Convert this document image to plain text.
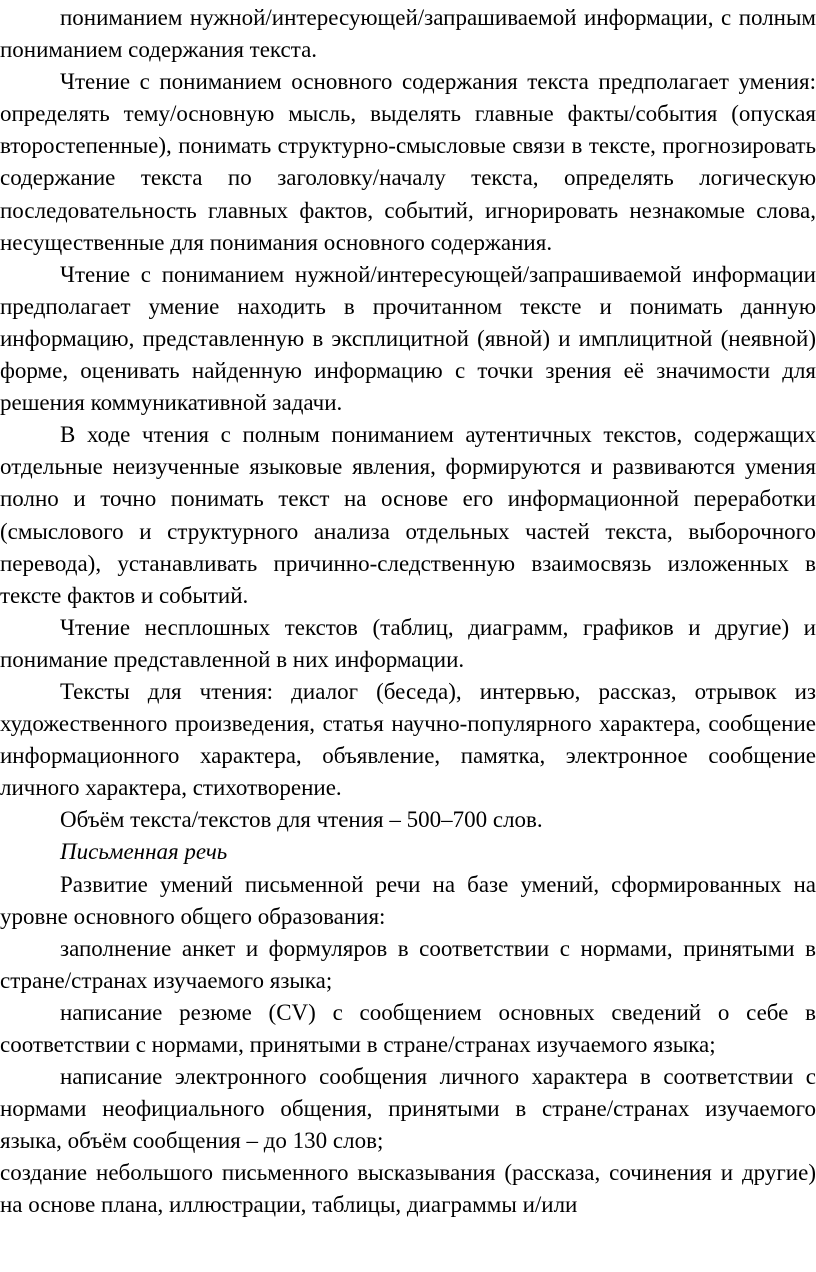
пониманием нужной/интересующей/запрашиваемой информации, с полным пониманием содержания текста.

Чтение с пониманием основного содержания текста предполагает умения: определять тему/основную мысль, выделять главные факты/события (опуская второстепенные), понимать структурно-смысловые связи в тексте, прогнозировать содержание текста по заголовку/началу текста, определять логическую последовательность главных фактов, событий, игнорировать незнакомые слова, несущественные для понимания основного содержания.

Чтение с пониманием нужной/интересующей/запрашиваемой информации предполагает умение находить в прочитанном тексте и понимать данную информацию, представленную в эксплицитной (явной) и имплицитной (неявной) форме, оценивать найденную информацию с точки зрения её значимости для решения коммуникативной задачи.

В ходе чтения с полным пониманием аутентичных текстов, содержащих отдельные неизученные языковые явления, формируются и развиваются умения полно и точно понимать текст на основе его информационной переработки (смыслового и структурного анализа отдельных частей текста, выборочного перевода), устанавливать причинно-следственную взаимосвязь изложенных в тексте фактов и событий.

Чтение несплошных текстов (таблиц, диаграмм, графиков и другие) и понимание представленной в них информации.

Тексты для чтения: диалог (беседа), интервью, рассказ, отрывок из художественного произведения, статья научно-популярного характера, сообщение информационного характера, объявление, памятка, электронное сообщение личного характера, стихотворение.

Объём текста/текстов для чтения – 500–700 слов.

Письменная речь

Развитие умений письменной речи на базе умений, сформированных на уровне основного общего образования:

заполнение анкет и формуляров в соответствии с нормами, принятыми в стране/странах изучаемого языка;

написание резюме (CV) с сообщением основных сведений о себе в соответствии с нормами, принятыми в стране/странах изучаемого языка;

написание электронного сообщения личного характера в соответствии с нормами неофициального общения, принятыми в стране/странах изучаемого языка, объём сообщения – до 130 слов;

создание небольшого письменного высказывания (рассказа, сочинения и другие) на основе плана, иллюстрации, таблицы, диаграммы и/или
